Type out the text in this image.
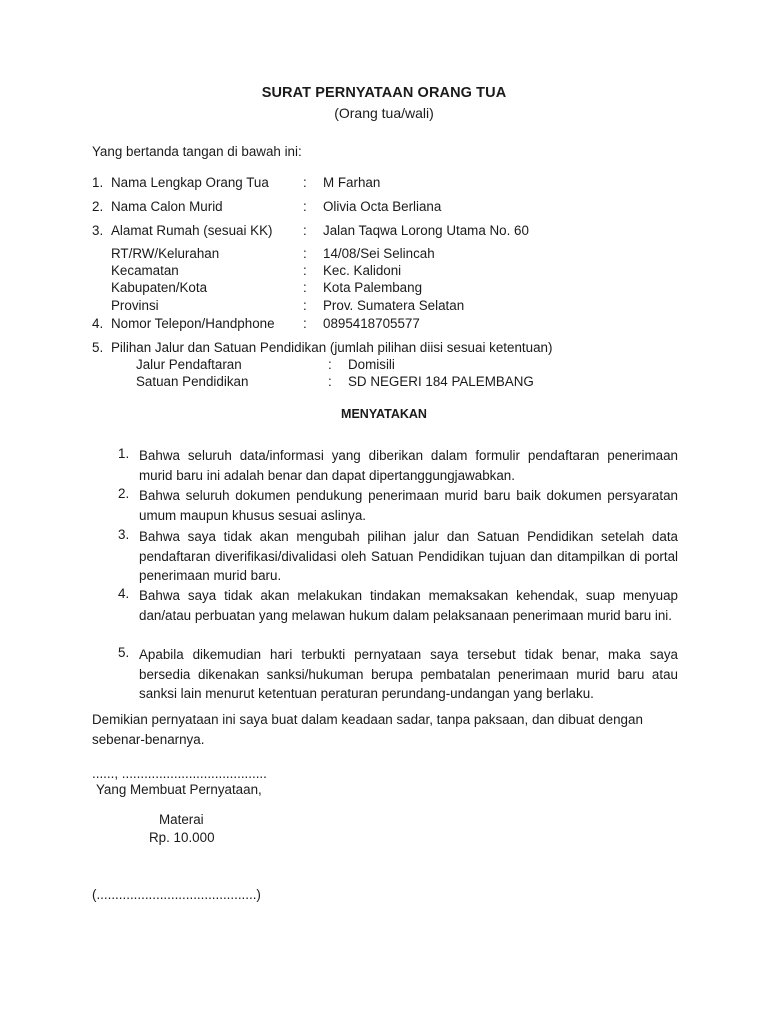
SURAT PERNYATAAN ORANG TUA
(Orang tua/wali)
Yang bertanda tangan di bawah ini:
1. Nama Lengkap Orang Tua	: M Farhan
2. Nama Calon Murid	: Olivia Octa Berliana
3. Alamat Rumah (sesuai KK) : Jalan Taqwa Lorong Utama No. 60
RT/RW/Kelurahan	: 14/08/Sei Selincah
Kecamatan	: Kec. Kalidoni
Kabupaten/Kota	: Kota Palembang
Provinsi	: Prov. Sumatera Selatan
4. Nomor Telepon/Handphone : 0895418705577
5. Pilihan Jalur dan Satuan Pendidikan (jumlah pilihan diisi sesuai ketentuan)
Jalur Pendaftaran	: Domisili
Satuan Pendidikan	: SD NEGERI 184 PALEMBANG
MENYATAKAN
1. Bahwa seluruh data/informasi yang diberikan dalam formulir pendaftaran penerimaan murid baru ini adalah benar dan dapat dipertanggungjawabkan.
2. Bahwa seluruh dokumen pendukung penerimaan murid baru baik dokumen persyaratan umum maupun khusus sesuai aslinya.
3. Bahwa saya tidak akan mengubah pilihan jalur dan Satuan Pendidikan setelah data pendaftaran diverifikasi/divalidasi oleh Satuan Pendidikan tujuan dan ditampilkan di portal penerimaan murid baru.
4. Bahwa saya tidak akan melakukan tindakan memaksakan kehendak, suap menyuap dan/atau perbuatan yang melawan hukum dalam pelaksanaan penerimaan murid baru ini.
5. Apabila dikemudian hari terbukti pernyataan saya tersebut tidak benar, maka saya bersedia dikenakan sanksi/hukuman berupa pembatalan penerimaan murid baru atau sanksi lain menurut ketentuan peraturan perundang-undangan yang berlaku.
Demikian pernyataan ini saya buat dalam keadaan sadar, tanpa paksaan, dan dibuat dengan sebenar-benarnya.
......, .......................................
Yang Membuat Pernyataan,
Materai
Rp. 10.000
(...........................................)
